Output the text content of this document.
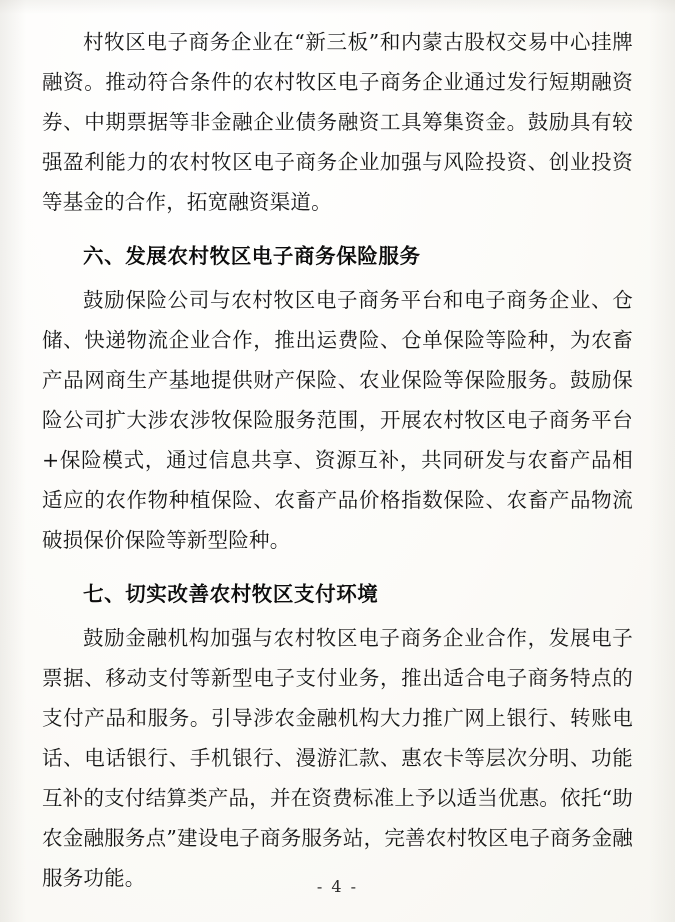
村牧区电子商务企业在“新三板”和内蒙古股权交易中心挂牌融资。推动符合条件的农村牧区电子商务企业通过发行短期融资券、中期票据等非金融企业债务融资工具筹集资金。鼓励具有较强盈利能力的农村牧区电子商务企业加强与风险投资、创业投资等基金的合作，拓宽融资渠道。

六、发展农村牧区电子商务保险服务

鼓励保险公司与农村牧区电子商务平台和电子商务企业、仓储、快递物流企业合作，推出运费险、仓单保险等险种，为农畜产品网商生产基地提供财产保险、农业保险等保险服务。鼓励保险公司扩大涉农涉牧保险服务范围，开展农村牧区电子商务平台+保险模式，通过信息共享、资源互补，共同研发与农畜产品相适应的农作物种植保险、农畜产品价格指数保险、农畜产品物流破损保价保险等新型险种。

七、切实改善农村牧区支付环境

鼓励金融机构加强与农村牧区电子商务企业合作，发展电子票据、移动支付等新型电子支付业务，推出适合电子商务特点的支付产品和服务。引导涉农金融机构大力推广网上银行、转账电话、电话银行、手机银行、漫游汇款、惠农卡等层次分明、功能互补的支付结算类产品，并在资费标准上予以适当优惠。依托“助农金融服务点”建设电子商务服务站，完善农村牧区电子商务金融服务功能。	- 4 -
